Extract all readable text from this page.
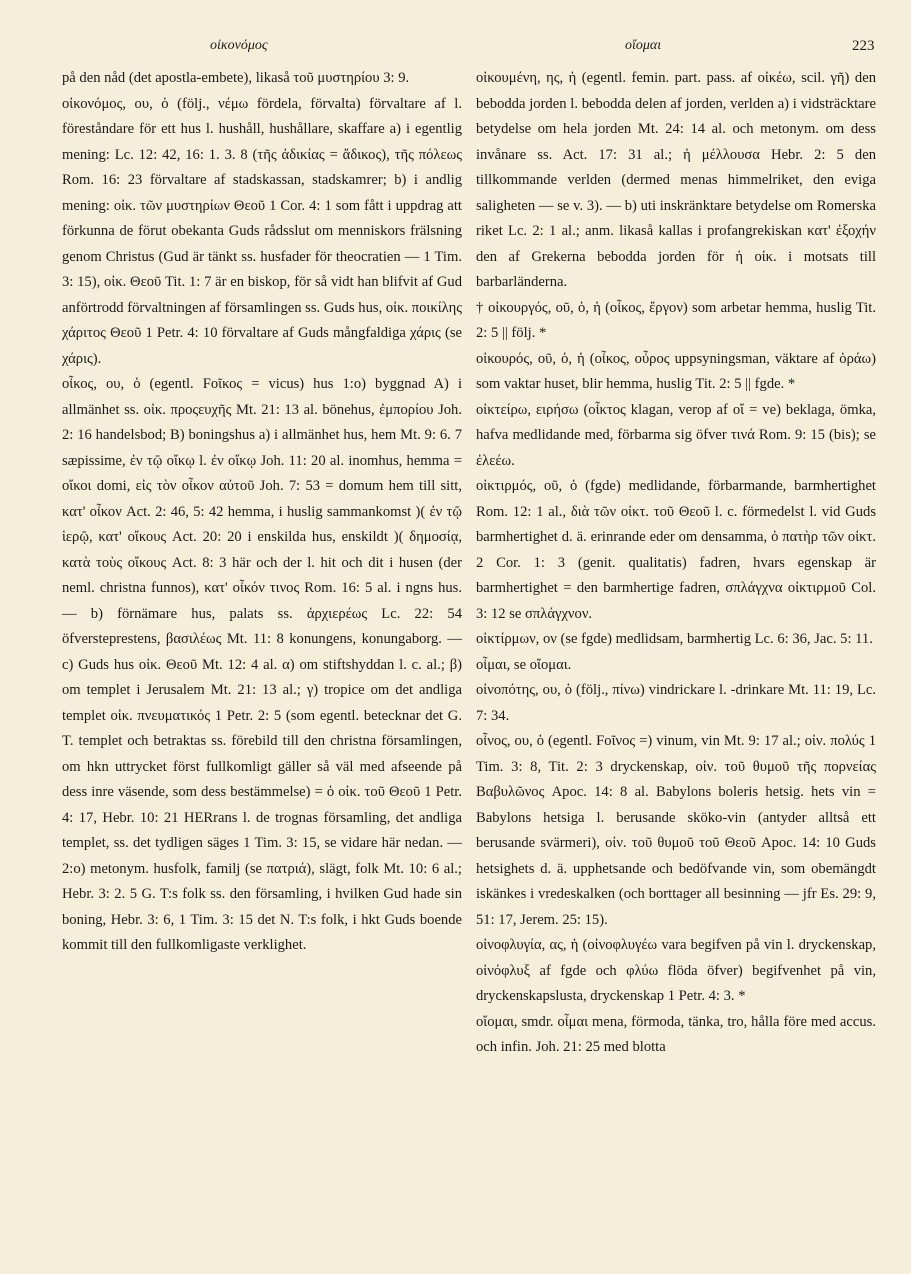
οἰκονόμος	οἴομαι	223

på den nåd (det apostla-embete), likaså τοῦ μυστηρίου 3: 9.

οἰκονόμος, ου, ὁ (följ., νέμω fördela, förvalta) förvaltare af l. föreståndare för ett hus l. hushåll, hushållare, skaffare a) i egentlig mening: Lc. 12: 42, 16: 1. 3. 8 (τῆς ἀδικίας = ἄδικος), τῆς πόλεως Rom. 16: 23 förvaltare af stadskassan, stadskamrer; b) i andlig mening: οἰκ. τῶν μυστηρίων Θεοῦ 1 Cor. 4: 1 som fått i uppdrag att förkunna de förut obekanta Guds rådsslut om menniskors frälsning genom Christus (Gud är tänkt ss. husfader för theocratien — 1 Tim. 3: 15), οἰκ. Θεοῦ Tit. 1: 7 är en biskop, för så vidt han blifvit af Gud anförtrodd förvaltningen af församlingen ss. Guds hus, οἰκ. ποικίλης χάριτος Θεοῦ 1 Petr. 4: 10 förvaltare af Guds mångfaldiga χάρις (se χάρις).

οἶκος, ου, ὁ (egentl. Fοῖκος = vicus) hus 1:o) byggnad A) i allmänhet ss. οἰκ. προςευχῆς Mt. 21: 13 al. bönehus, ἐμπορίου Joh. 2: 16 handelsbod; B) boningshus a) i allmänhet hus, hem Mt. 9: 6. 7 sæpissime, ἐν τῷ οἴκῳ l. ἐν οἴκῳ Joh. 11: 20 al. inomhus, hemma = οἴκοι domi, εἰς τὸν οἶκον αὐτοῦ Joh. 7: 53 = domum hem till sitt, κατ' οἶκον Act. 2: 46, 5: 42 hemma, i huslig sammankomst )( ἐν τῷ ἱερῷ, κατ' οἴκους Act. 20: 20 i enskilda hus, enskildt )( δημοσίᾳ, κατὰ τοὺς οἴκους Act. 8: 3 här och der l. hit och dit i husen (der neml. christna funnos), κατ' οἶκόν τινος Rom. 16: 5 al. i ngns hus. — b) förnämare hus, palats ss. ἀρχιερέως Lc. 22: 54 öfversteprestens, βασιλέως Mt. 11: 8 konungens, konungaborg. — c) Guds hus οἰκ. Θεοῦ Mt. 12: 4 al. α) om stiftshyddan l. c. al.; β) om templet i Jerusalem Mt. 21: 13 al.; γ) tropice om det andliga templet οἰκ. πνευματικός 1 Petr. 2: 5 (som egentl. betecknar det G. T. templet och betraktas ss. förebild till den christna församlingen, om hkn uttrycket först fullkomligt gäller så väl med afseende på dess inre väsende, som dess bestämmelse) = ὁ οἰκ. τοῦ Θεοῦ 1 Petr. 4: 17, Hebr. 10: 21 HERrans l. de trognas församling, det andliga templet, ss. det tydligen säges 1 Tim. 3: 15, se vidare här nedan. — 2:o) metonym. husfolk, familj (se πατριά), slägt, folk Mt. 10: 6 al.; Hebr. 3: 2. 5 G. T:s folk ss. den församling, i hvilken Gud hade sin boning, Hebr. 3: 6, 1 Tim. 3: 15 det N. T:s folk, i hkt Guds boende kommit till den fullkomligaste verklighet.

οἰκουμένη, ης, ἡ (egentl. femin. part. pass. af οἰκέω, scil. γῆ) den bebodda jorden l. bebodda delen af jorden, verlden a) i vidsträcktare betydelse om hela jorden Mt. 24: 14 al. och metonym. om dess invånare ss. Act. 17: 31 al.; ἡ μέλλουσα Hebr. 2: 5 den tillkommande verlden (dermed menas himmelriket, den eviga saligheten — se v. 3). — b) uti inskränktare betydelse om Romerska riket Lc. 2: 1 al.; anm. likaså kallas i profangrekiskan κατ' ἐξοχήν den af Grekerna bebodda jorden för ἡ οἰκ. i motsats till barbarländerna.

† οἰκουργός, οῦ, ὁ, ἡ (οἶκος, ἔργον) som arbetar hemma, huslig Tit. 2: 5 || följ. *

οἰκουρός, οῦ, ὁ, ἡ (οἶκος, οὖρος uppsyningsman, väktare af ὁράω) som vaktar huset, blir hemma, huslig Tit. 2: 5 || fgde. *

οἰκτείρω, ειρήσω (οἶκτος klagan, verop af οἴ = ve) beklaga, ömka, hafva medlidande med, förbarma sig öfver τινά Rom. 9: 15 (bis); se ἐλεέω.

οἰκτιρμός, οῦ, ὁ (fgde) medlidande, förbarmande, barmhertighet Rom. 12: 1 al., διὰ τῶν οἰκτ. τοῦ Θεοῦ l. c. förmedelst l. vid Guds barmhertighet d. ä. erinrande eder om densamma, ὁ πατὴρ τῶν οἰκτ. 2 Cor. 1: 3 (genit. qualitatis) fadren, hvars egenskap är barmhertighet = den barmhertige fadren, σπλάγχνα οἰκτιρμοῦ Col. 3: 12 se σπλάγχνον.

οἰκτίρμων, ον (se fgde) medlidsam, barmhertig Lc. 6: 36, Jac. 5: 11.

οἶμαι, se οἴομαι.

οἰνοπότης, ου, ὁ (följ., πίνω) vindrickare l. -drinkare Mt. 11: 19, Lc. 7: 34.

οἶνος, ου, ὁ (egentl. Fοῖνος =) vinum, vin Mt. 9: 17 al.; οἰν. πολύς 1 Tim. 3: 8, Tit. 2: 3 dryckenskap, οἰν. τοῦ θυμοῦ τῆς πορνείας Βαβυλῶνος Apoc. 14: 8 al. Babylons boleris hetsig. hets vin = Babylons hetsiga l. berusande sköko-vin (antyder alltså ett berusande svärmeri), οἰν. τοῦ θυμοῦ τοῦ Θεοῦ Apoc. 14: 10 Guds hetsighets d. ä. upphetsande och bedöfvande vin, som obemängdt iskänkes i vredeskalken (och borttager all besinning — jfr Es. 29: 9, 51: 17, Jerem. 25: 15).

οἰνοφλυγία, ας, ἡ (οἰνοφλυγέω vara begifven på vin l. dryckenskap, οἰνόφλυξ af fgde och φλύω flöda öfver) begifvenhet på vin, dryckenskapslusta, dryckenskap 1 Petr. 4: 3. *

οἴομαι, smdr. οἶμαι mena, förmoda, tänka, tro, hålla före med accus. och infin. Joh. 21: 25 med blotta
